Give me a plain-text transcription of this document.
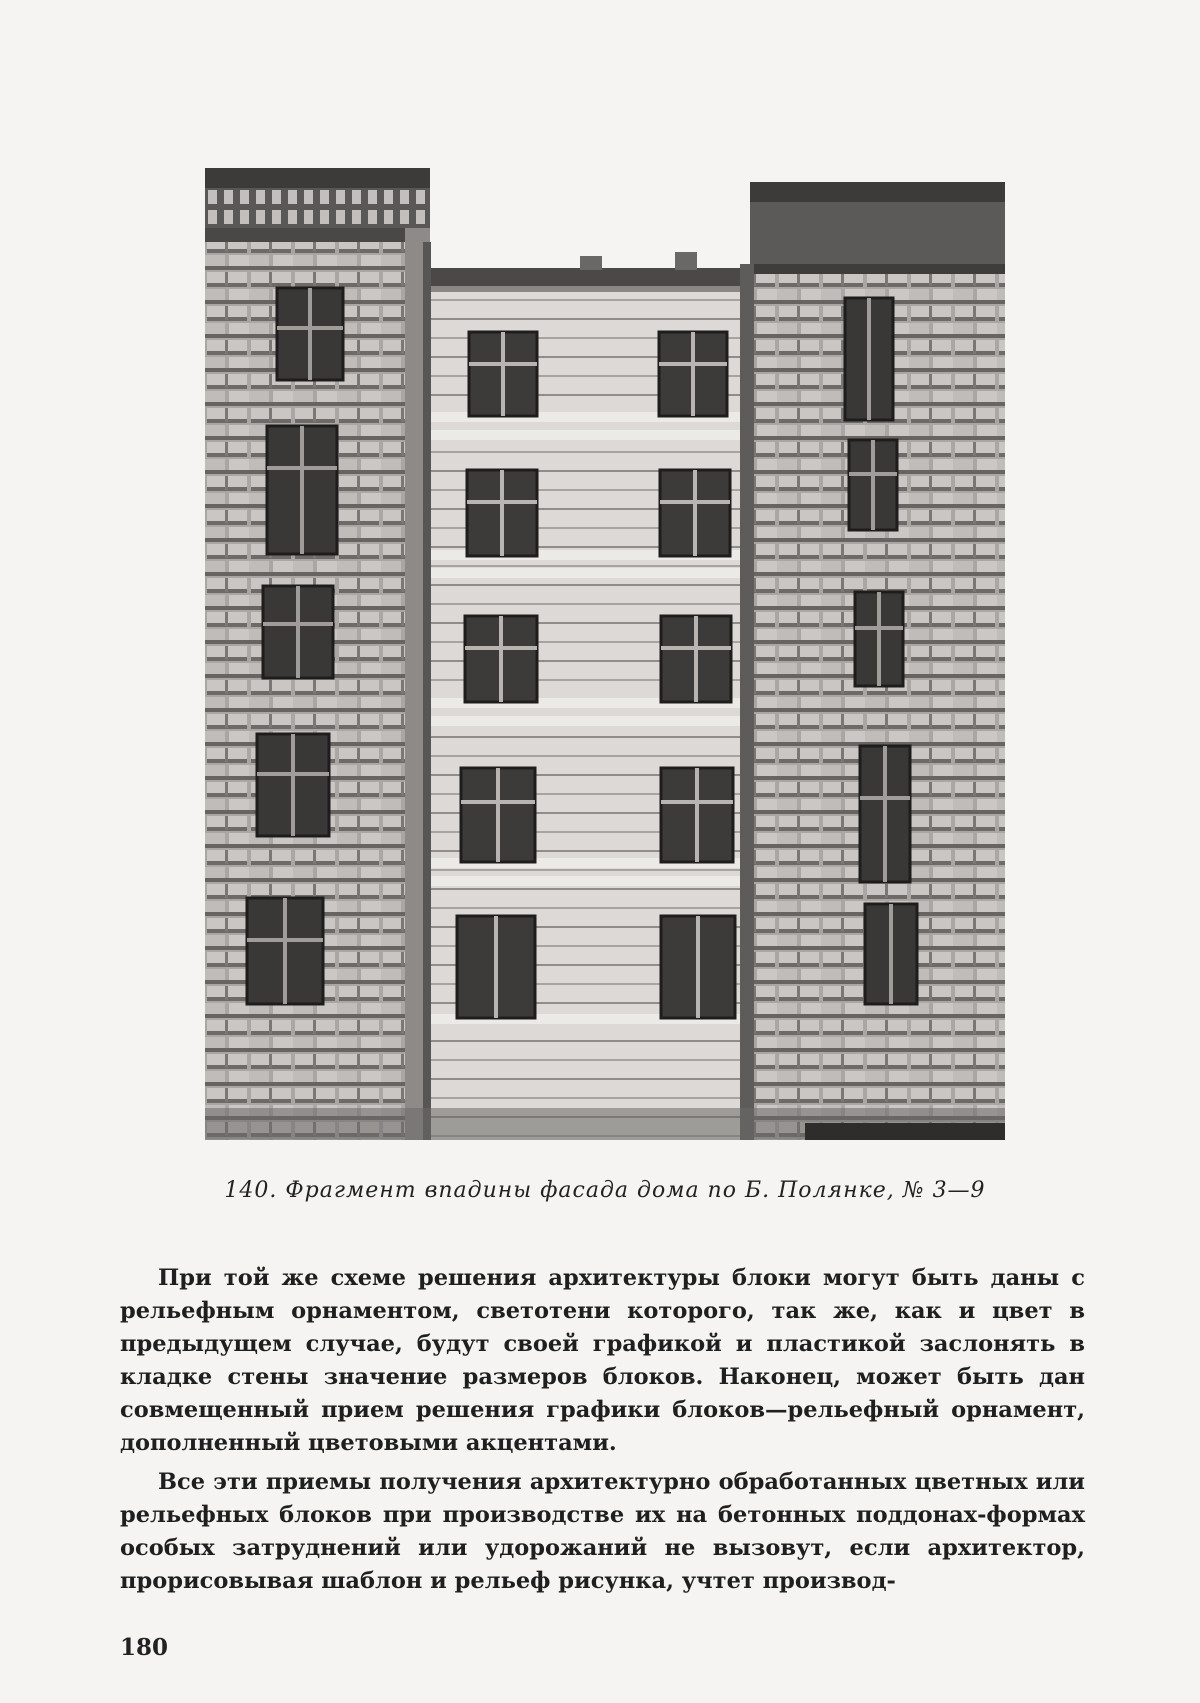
140. Фрагмент впадины фасада дома по Б. Полянке, № 3—9

При той же схеме решения архитектуры блоки могут быть даны с рельефным орнаментом, светотени которого, так же, как и цвет в предыдущем случае, будут своей графикой и пластикой заслонять в кладке стены значение размеров блоков. Наконец, может быть дан совмещенный прием решения графики блоков—рельефный орнамент, дополненный цветовыми акцентами.

Все эти приемы получения архитектурно обработанных цветных или рельефных блоков при производстве их на бетонных поддонах-формах особых затруднений или удорожаний не вызовут, если архитектор, прорисовывая шаблон и рельеф рисунка, учтет производ-

180
